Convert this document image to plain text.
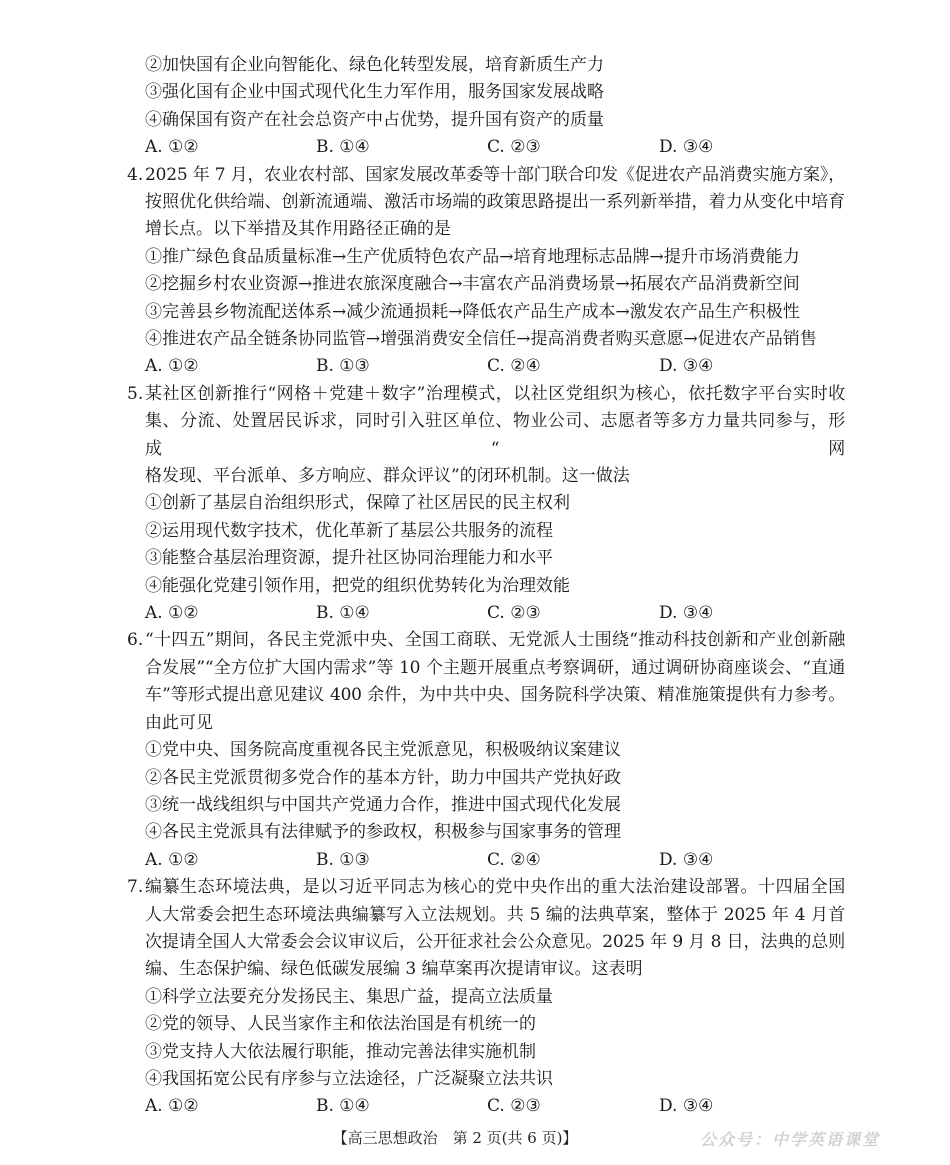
②加快国有企业向智能化、绿色化转型发展，培育新质生产力
③强化国有企业中国式现代化生力军作用，服务国家发展战略
④确保国有资产在社会总资产中占优势，提升国有资产的质量
A. ①②	B. ①④	C. ②③	D. ③④
4. 2025 年 7 月，农业农村部、国家发展改革委等十部门联合印发《促进农产品消费实施方案》，
按照优化供给端、创新流通端、激活市场端的政策思路提出一系列新举措，着力从变化中培育
增长点。以下举措及其作用路径正确的是
①推广绿色食品质量标准→生产优质特色农产品→培育地理标志品牌→提升市场消费能力
②挖掘乡村农业资源→推进农旅深度融合→丰富农产品消费场景→拓展农产品消费新空间
③完善县乡物流配送体系→减少流通损耗→降低农产品生产成本→激发农产品生产积极性
④推进农产品全链条协同监管→增强消费安全信任→提高消费者购买意愿→促进农产品销售
A. ①②	B. ①③	C. ②④	D. ③④
5. 某社区创新推行“网格＋党建＋数字”治理模式，以社区党组织为核心，依托数字平台实时收
集、分流、处置居民诉求，同时引入驻区单位、物业公司、志愿者等多方力量共同参与，形成“网
格发现、平台派单、多方响应、群众评议”的闭环机制。这一做法
①创新了基层自治组织形式，保障了社区居民的民主权利
②运用现代数字技术，优化革新了基层公共服务的流程
③能整合基层治理资源，提升社区协同治理能力和水平
④能强化党建引领作用，把党的组织优势转化为治理效能
A. ①②	B. ①④	C. ②③	D. ③④
6. “十四五”期间，各民主党派中央、全国工商联、无党派人士围绕“推动科技创新和产业创新融
合发展”“全方位扩大国内需求”等 10 个主题开展重点考察调研，通过调研协商座谈会、“直通
车”等形式提出意见建议 400 余件，为中共中央、国务院科学决策、精准施策提供有力参考。
由此可见
①党中央、国务院高度重视各民主党派意见，积极吸纳议案建议
②各民主党派贯彻多党合作的基本方针，助力中国共产党执好政
③统一战线组织与中国共产党通力合作，推进中国式现代化发展
④各民主党派具有法律赋予的参政权，积极参与国家事务的管理
A. ①②	B. ①③	C. ②④	D. ③④
7. 编纂生态环境法典，是以习近平同志为核心的党中央作出的重大法治建设部署。十四届全国
人大常委会把生态环境法典编纂写入立法规划。共 5 编的法典草案，整体于 2025 年 4 月首
次提请全国人大常委会会议审议后，公开征求社会公众意见。2025 年 9 月 8 日，法典的总则
编、生态保护编、绿色低碳发展编 3 编草案再次提请审议。这表明
①科学立法要充分发扬民主、集思广益，提高立法质量
②党的领导、人民当家作主和依法治国是有机统一的
③党支持人大依法履行职能，推动完善法律实施机制
④我国拓宽公民有序参与立法途径，广泛凝聚立法共识
A. ①②	B. ①④	C. ②③	D. ③④
【高三思想政治　第 2 页(共 6 页)】	公众号：中学英语课堂
